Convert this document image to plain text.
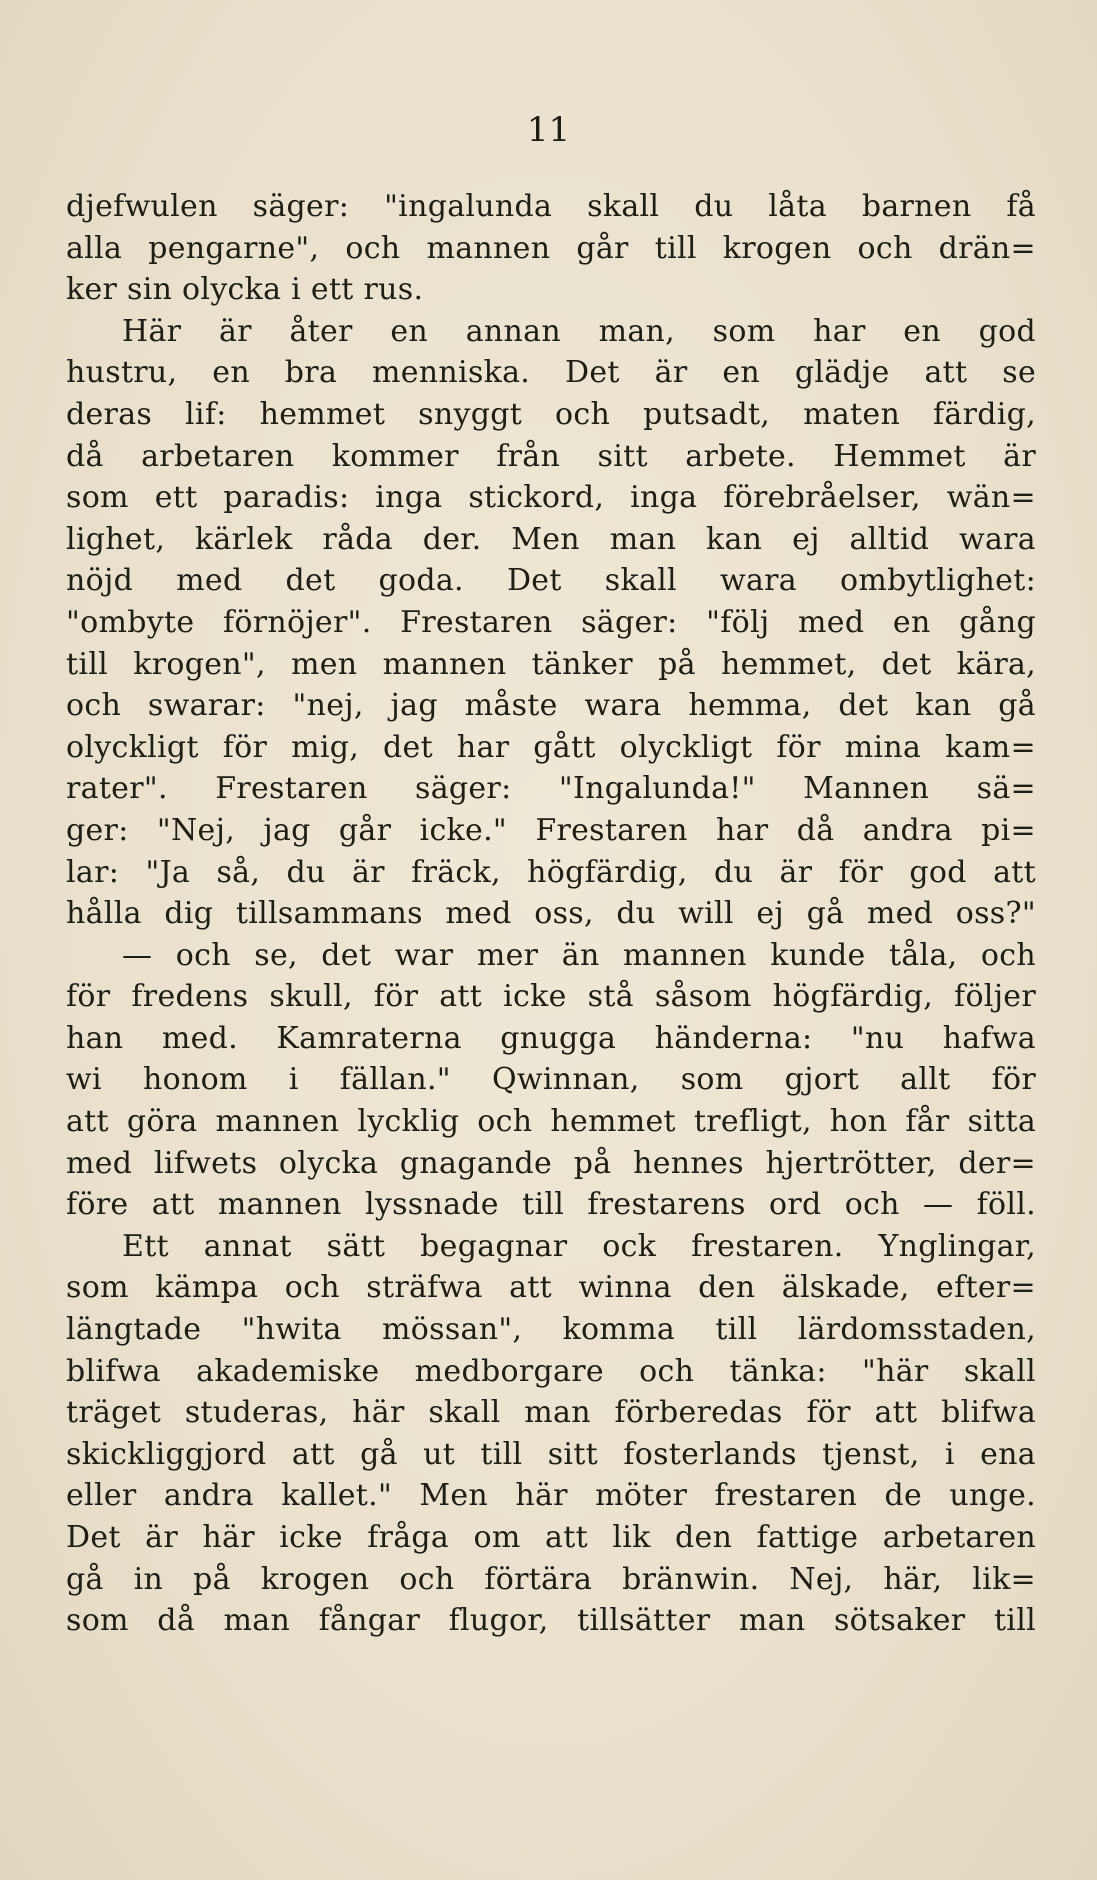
11
djefwulen säger: "ingalunda skall du låta barnen få
alla pengarne", och mannen går till krogen och drän=
ker sin olycka i ett rus.
Här är åter en annan man, som har en god
hustru, en bra menniska. Det är en glädje att se
deras lif: hemmet snyggt och putsadt, maten färdig,
då arbetaren kommer från sitt arbete. Hemmet är
som ett paradis: inga stickord, inga förebråelser, wän=
lighet, kärlek råda der. Men man kan ej alltid wara
nöjd med det goda. Det skall wara ombytlighet:
"ombyte förnöjer". Frestaren säger: "följ med en gång
till krogen", men mannen tänker på hemmet, det kära,
och swarar: "nej, jag måste wara hemma, det kan gå
olyckligt för mig, det har gått olyckligt för mina kam=
rater". Frestaren säger: "Ingalunda!" Mannen sä=
ger: "Nej, jag går icke." Frestaren har då andra pi=
lar: "Ja så, du är fräck, högfärdig, du är för god att
hålla dig tillsammans med oss, du will ej gå med oss?"
— och se, det war mer än mannen kunde tåla, och
för fredens skull, för att icke stå såsom högfärdig, följer
han med. Kamraterna gnugga händerna: "nu hafwa
wi honom i fällan." Qwinnan, som gjort allt för
att göra mannen lycklig och hemmet trefligt, hon får sitta
med lifwets olycka gnagande på hennes hjertrötter, der=
före att mannen lyssnade till frestarens ord och — föll.
Ett annat sätt begagnar ock frestaren. Ynglingar,
som kämpa och sträfwa att winna den älskade, efter=
längtade "hwita mössan", komma till lärdomsstaden,
blifwa akademiske medborgare och tänka: "här skall
träget studeras, här skall man förberedas för att blifwa
skickliggjord att gå ut till sitt fosterlands tjenst, i ena
eller andra kallet." Men här möter frestaren de unge.
Det är här icke fråga om att lik den fattige arbetaren
gå in på krogen och förtära bränwin. Nej, här, lik=
som då man fångar flugor, tillsätter man sötsaker till
